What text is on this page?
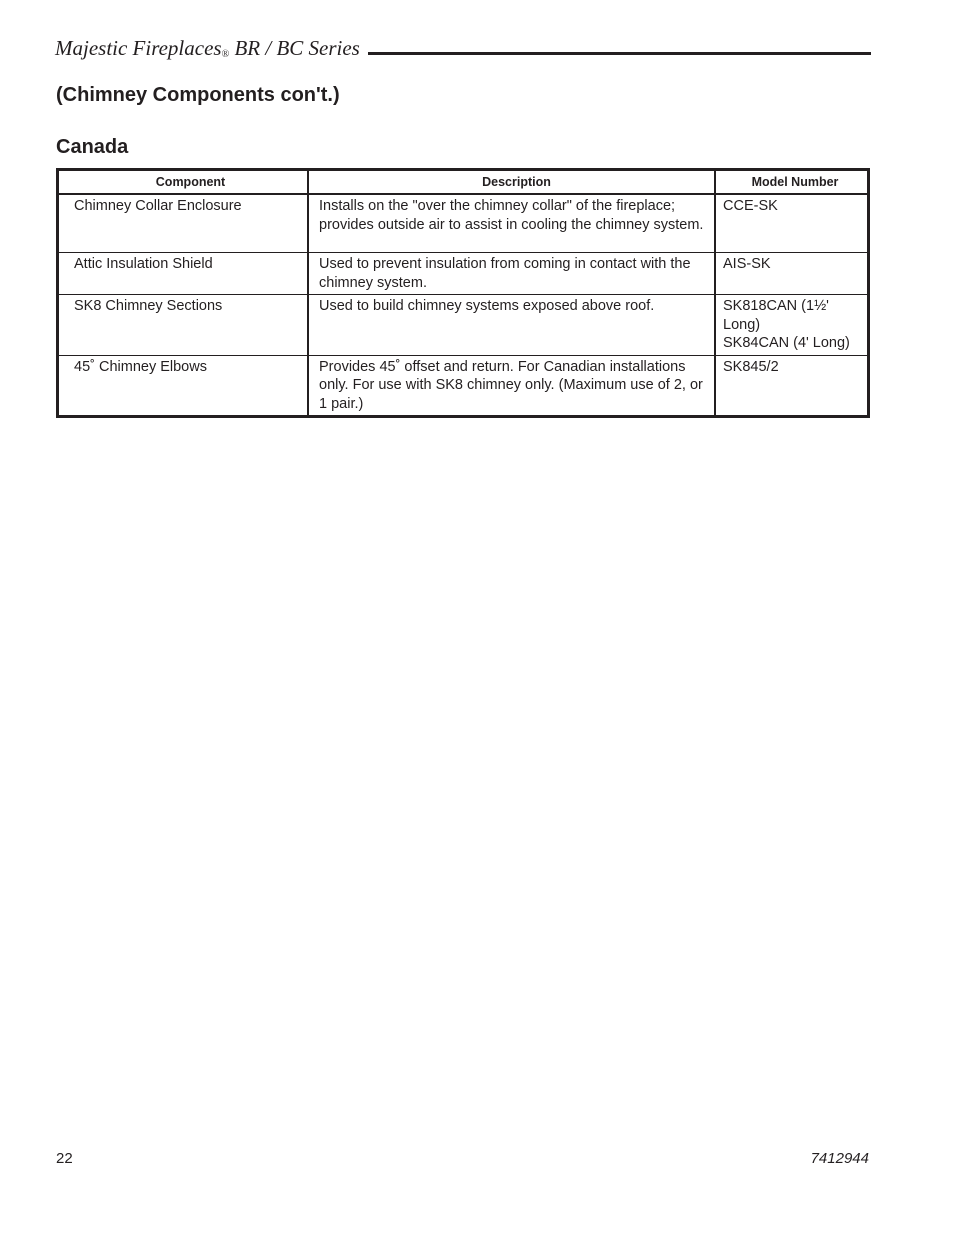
Majestic Fireplaces® BR / BC Series
(Chimney Components con't.)
Canada
Component	Description	Model Number
Chimney Collar Enclosure	Installs on the "over the chimney collar" of the fireplace; provides outside air to assist in cooling the chimney system.	CCE-SK

Attic Insulation Shield	Used to prevent insulation from coming in contact with the chimney system.	AIS-SK

SK8 Chimney Sections	Used to build chimney systems exposed above roof.	SK818CAN (1½' Long)
SK84CAN (4' Long)

45˚ Chimney Elbows	Provides 45˚ offset and return. For Canadian installations only. For use with SK8 chimney only. (Maximum use of 2, or 1 pair.)	SK845/2
22	7412944
